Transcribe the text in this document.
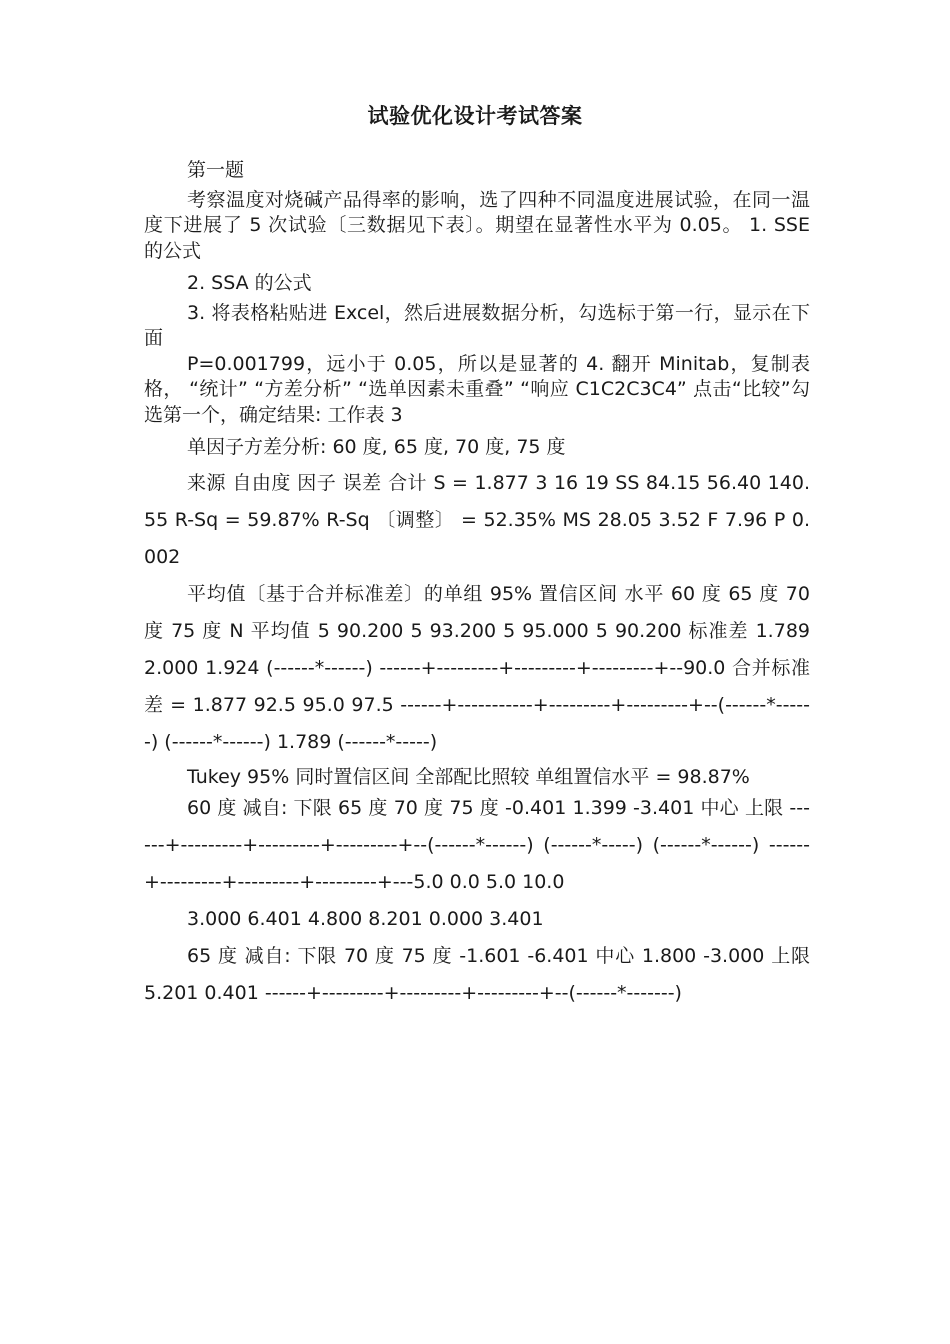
试验优化设计考试答案

第一题

考察温度对烧碱产品得率的影响，选了四种不同温度进展试验，在同一温度下进展了 5 次试验〔三数据见下表〕。期望在显著性水平为 0.05。 1. SSE 的公式

2. SSA 的公式

3. 将表格粘贴进 Excel，然后进展数据分析，勾选标于第一行，显示在下面

P=0.001799，远小于 0.05，所以是显著的 4. 翻开 Minitab，复制表格， “统计” “方差分析” “选单因素未重叠” “响应 C1C2C3C4” 点击“比较”勾选第一个，确定结果: 工作表 3

单因子方差分析: 60 度, 65 度, 70 度, 75 度

来源 自由度 因子 误差 合计 S = 1.877 3 16 19 SS 84.15 56.40 140.55 R-Sq = 59.87% R-Sq 〔调整〕 = 52.35% MS 28.05 3.52 F 7.96 P 0.002

平均值〔基于合并标准差〕的单组 95% 置信区间 水平 60 度 65 度 70 度 75 度 N 平均值 5 90.200 5 93.200 5 95.000 5 90.200 标准差 1.789 2.000 1.924 (------*------) ------+---------+---------+---------+--90.0 合并标准差 = 1.877 92.5 95.0 97.5 ------+-----------+---------+---------+--(------*------) (------*------) 1.789 (------*-----)

Tukey 95% 同时置信区间 全部配比照较 单组置信水平 = 98.87%

60 度 减自: 下限 65 度 70 度 75 度 -0.401 1.399 -3.401 中心 上限 ------+---------+---------+---------+--(------*------) (------*-----) (------*------) ------+---------+---------+---------+---5.0 0.0 5.0 10.0

3.000 6.401 4.800 8.201 0.000 3.401

65 度 减自: 下限 70 度 75 度 -1.601 -6.401 中心 1.800 -3.000 上限 5.201 0.401 ------+---------+---------+---------+--(------*-------)
